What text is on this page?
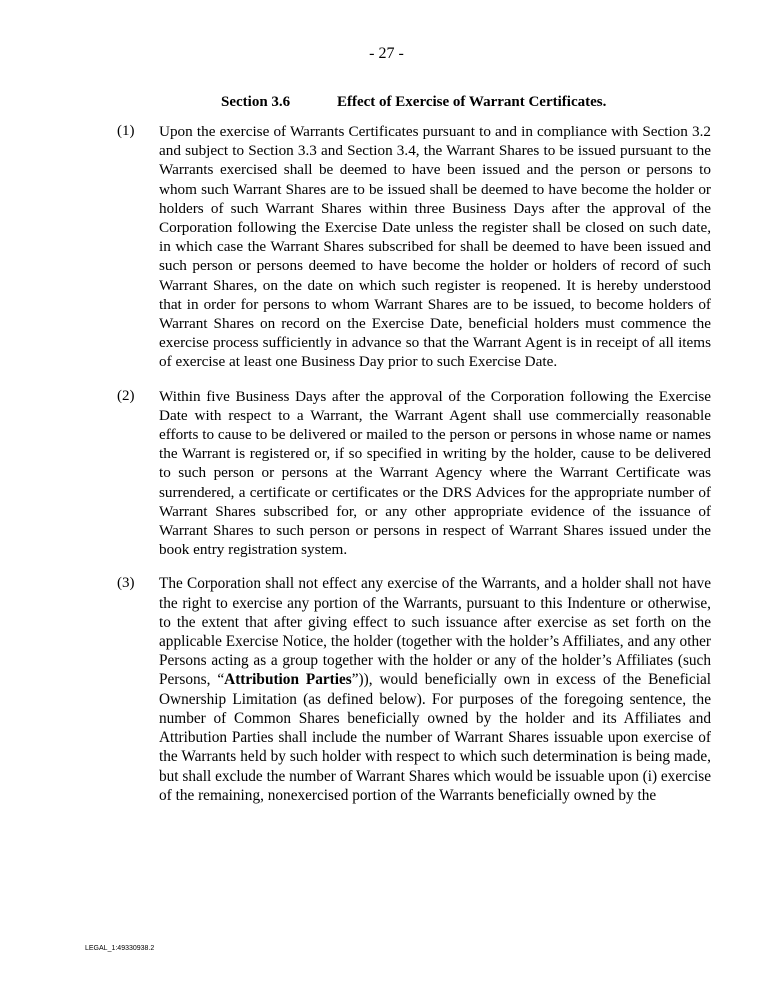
- 27 -
Section 3.6	Effect of Exercise of Warrant Certificates.
(1)	Upon the exercise of Warrants Certificates pursuant to and in compliance with Section 3.2 and subject to Section 3.3 and Section 3.4, the Warrant Shares to be issued pursuant to the Warrants exercised shall be deemed to have been issued and the person or persons to whom such Warrant Shares are to be issued shall be deemed to have become the holder or holders of such Warrant Shares within three Business Days after the approval of the Corporation following the Exercise Date unless the register shall be closed on such date, in which case the Warrant Shares subscribed for shall be deemed to have been issued and such person or persons deemed to have become the holder or holders of record of such Warrant Shares, on the date on which such register is reopened. It is hereby understood that in order for persons to whom Warrant Shares are to be issued, to become holders of Warrant Shares on record on the Exercise Date, beneficial holders must commence the exercise process sufficiently in advance so that the Warrant Agent is in receipt of all items of exercise at least one Business Day prior to such Exercise Date.
(2)	Within five Business Days after the approval of the Corporation following the Exercise Date with respect to a Warrant, the Warrant Agent shall use commercially reasonable efforts to cause to be delivered or mailed to the person or persons in whose name or names the Warrant is registered or, if so specified in writing by the holder, cause to be delivered to such person or persons at the Warrant Agency where the Warrant Certificate was surrendered, a certificate or certificates or the DRS Advices for the appropriate number of Warrant Shares subscribed for, or any other appropriate evidence of the issuance of Warrant Shares to such person or persons in respect of Warrant Shares issued under the book entry registration system.
(3)	The Corporation shall not effect any exercise of the Warrants, and a holder shall not have the right to exercise any portion of the Warrants, pursuant to this Indenture or otherwise, to the extent that after giving effect to such issuance after exercise as set forth on the applicable Exercise Notice, the holder (together with the holder’s Affiliates, and any other Persons acting as a group together with the holder or any of the holder’s Affiliates (such Persons, “Attribution Parties”)), would beneficially own in excess of the Beneficial Ownership Limitation (as defined below). For purposes of the foregoing sentence, the number of Common Shares beneficially owned by the holder and its Affiliates and Attribution Parties shall include the number of Warrant Shares issuable upon exercise of the Warrants held by such holder with respect to which such determination is being made, but shall exclude the number of Warrant Shares which would be issuable upon (i) exercise of the remaining, nonexercised portion of the Warrants beneficially owned by the
LEGAL_1:49330938.2
